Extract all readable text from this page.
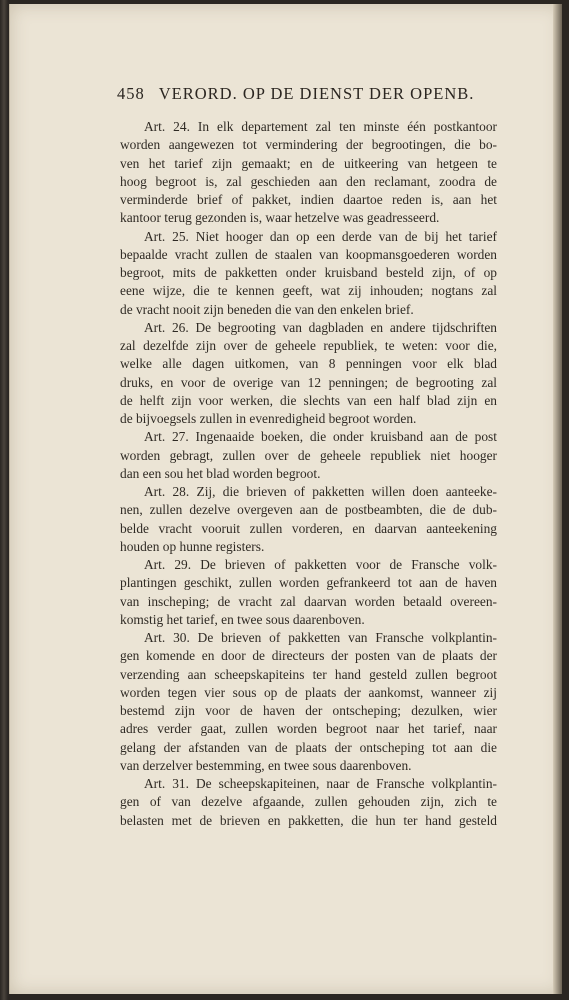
458 VERORD. OP DE DIENST DER OPENB.
Art. 24. In elk departement zal ten minste één postkantoor
worden aangewezen tot vermindering der begrootingen, die bo-
ven het tarief zijn gemaakt; en de uitkeering van hetgeen te
hoog begroot is, zal geschieden aan den reclamant, zoodra de
verminderde brief of pakket, indien daartoe reden is, aan het
kantoor terug gezonden is, waar hetzelve was geadresseerd.
Art. 25. Niet hooger dan op een derde van de bij het tarief
bepaalde vracht zullen de staalen van koopmansgoederen worden
begroot, mits de pakketten onder kruisband besteld zijn, of op
eene wijze, die te kennen geeft, wat zij inhouden; nogtans zal
de vracht nooit zijn beneden die van den enkelen brief.
Art. 26. De begrooting van dagbladen en andere tijdschriften
zal dezelfde zijn over de geheele republiek, te weten: voor die,
welke alle dagen uitkomen, van 8 penningen voor elk blad
druks, en voor de overige van 12 penningen; de begrooting zal
de helft zijn voor werken, die slechts van een half blad zijn en
de bijvoegsels zullen in evenredigheid begroot worden.
Art. 27. Ingenaaide boeken, die onder kruisband aan de post
worden gebragt, zullen over de geheele republiek niet hooger
dan een sou het blad worden begroot.
Art. 28. Zij, die brieven of pakketten willen doen aanteeke-
nen, zullen dezelve overgeven aan de postbeambten, die de dub-
belde vracht vooruit zullen vorderen, en daarvan aanteekening
houden op hunne registers.
Art. 29. De brieven of pakketten voor de Fransche volk-
plantingen geschikt, zullen worden gefrankeerd tot aan de haven
van inscheping; de vracht zal daarvan worden betaald overeen-
komstig het tarief, en twee sous daarenboven.
Art. 30. De brieven of pakketten van Fransche volkplantin-
gen komende en door de directeurs der posten van de plaats der
verzending aan scheepskapiteins ter hand gesteld zullen begroot
worden tegen vier sous op de plaats der aankomst, wanneer zij
bestemd zijn voor de haven der ontscheping; dezulken, wier
adres verder gaat, zullen worden begroot naar het tarief, naar
gelang der afstanden van de plaats der ontscheping tot aan die
van derzelver bestemming, en twee sous daarenboven.
Art. 31. De scheepskapiteinen, naar de Fransche volkplantin-
gen of van dezelve afgaande, zullen gehouden zijn, zich te
belasten met de brieven en pakketten, die hun ter hand gesteld
